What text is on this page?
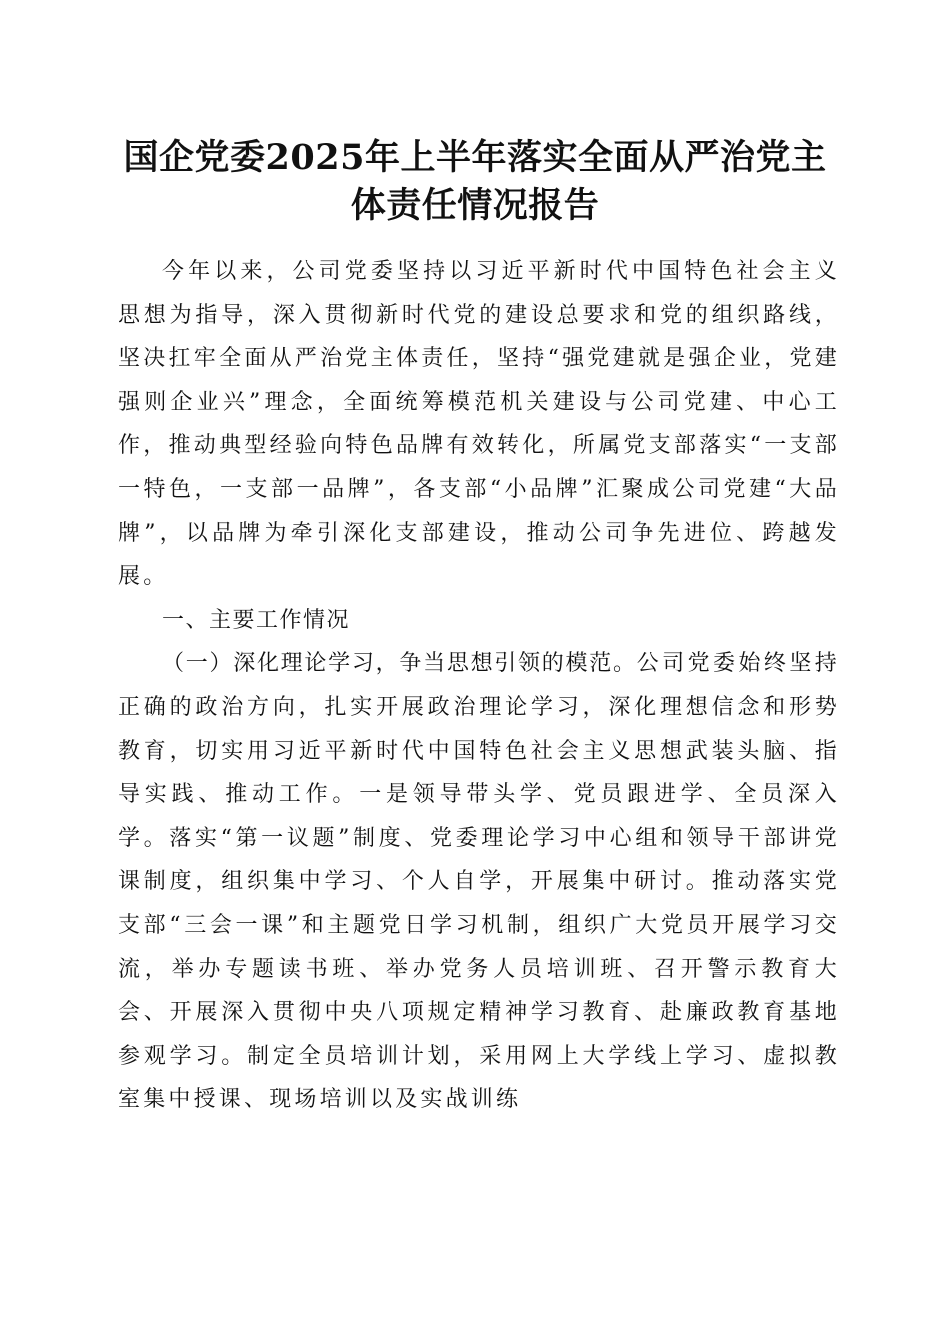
国企党委2025年上半年落实全面从严治党主
体责任情况报告

今年以来，公司党委坚持以习近平新时代中国特色社会主义思想为指导，深入贯彻新时代党的建设总要求和党的组织路线，坚决扛牢全面从严治党主体责任，坚持“强党建就是强企业，党建强则企业兴”理念，全面统筹模范机关建设与公司党建、中心工作，推动典型经验向特色品牌有效转化，所属党支部落实“一支部一特色，一支部一品牌”，各支部“小品牌”汇聚成公司党建“大品牌”，以品牌为牵引深化支部建设，推动公司争先进位、跨越发展。

一、主要工作情况

（一）深化理论学习，争当思想引领的模范。公司党委始终坚持正确的政治方向，扎实开展政治理论学习，深化理想信念和形势教育，切实用习近平新时代中国特色社会主义思想武装头脑、指导实践、推动工作。一是领导带头学、党员跟进学、全员深入学。落实“第一议题”制度、党委理论学习中心组和领导干部讲党课制度，组织集中学习、个人自学，开展集中研讨。推动落实党支部“三会一课”和主题党日学习机制，组织广大党员开展学习交流，举办专题读书班、举办党务人员培训班、召开警示教育大会、开展深入贯彻中央八项规定精神学习教育、赴廉政教育基地参观学习。制定全员培训计划，采用网上大学线上学习、虚拟教室集中授课、现场培训以及实战训练
